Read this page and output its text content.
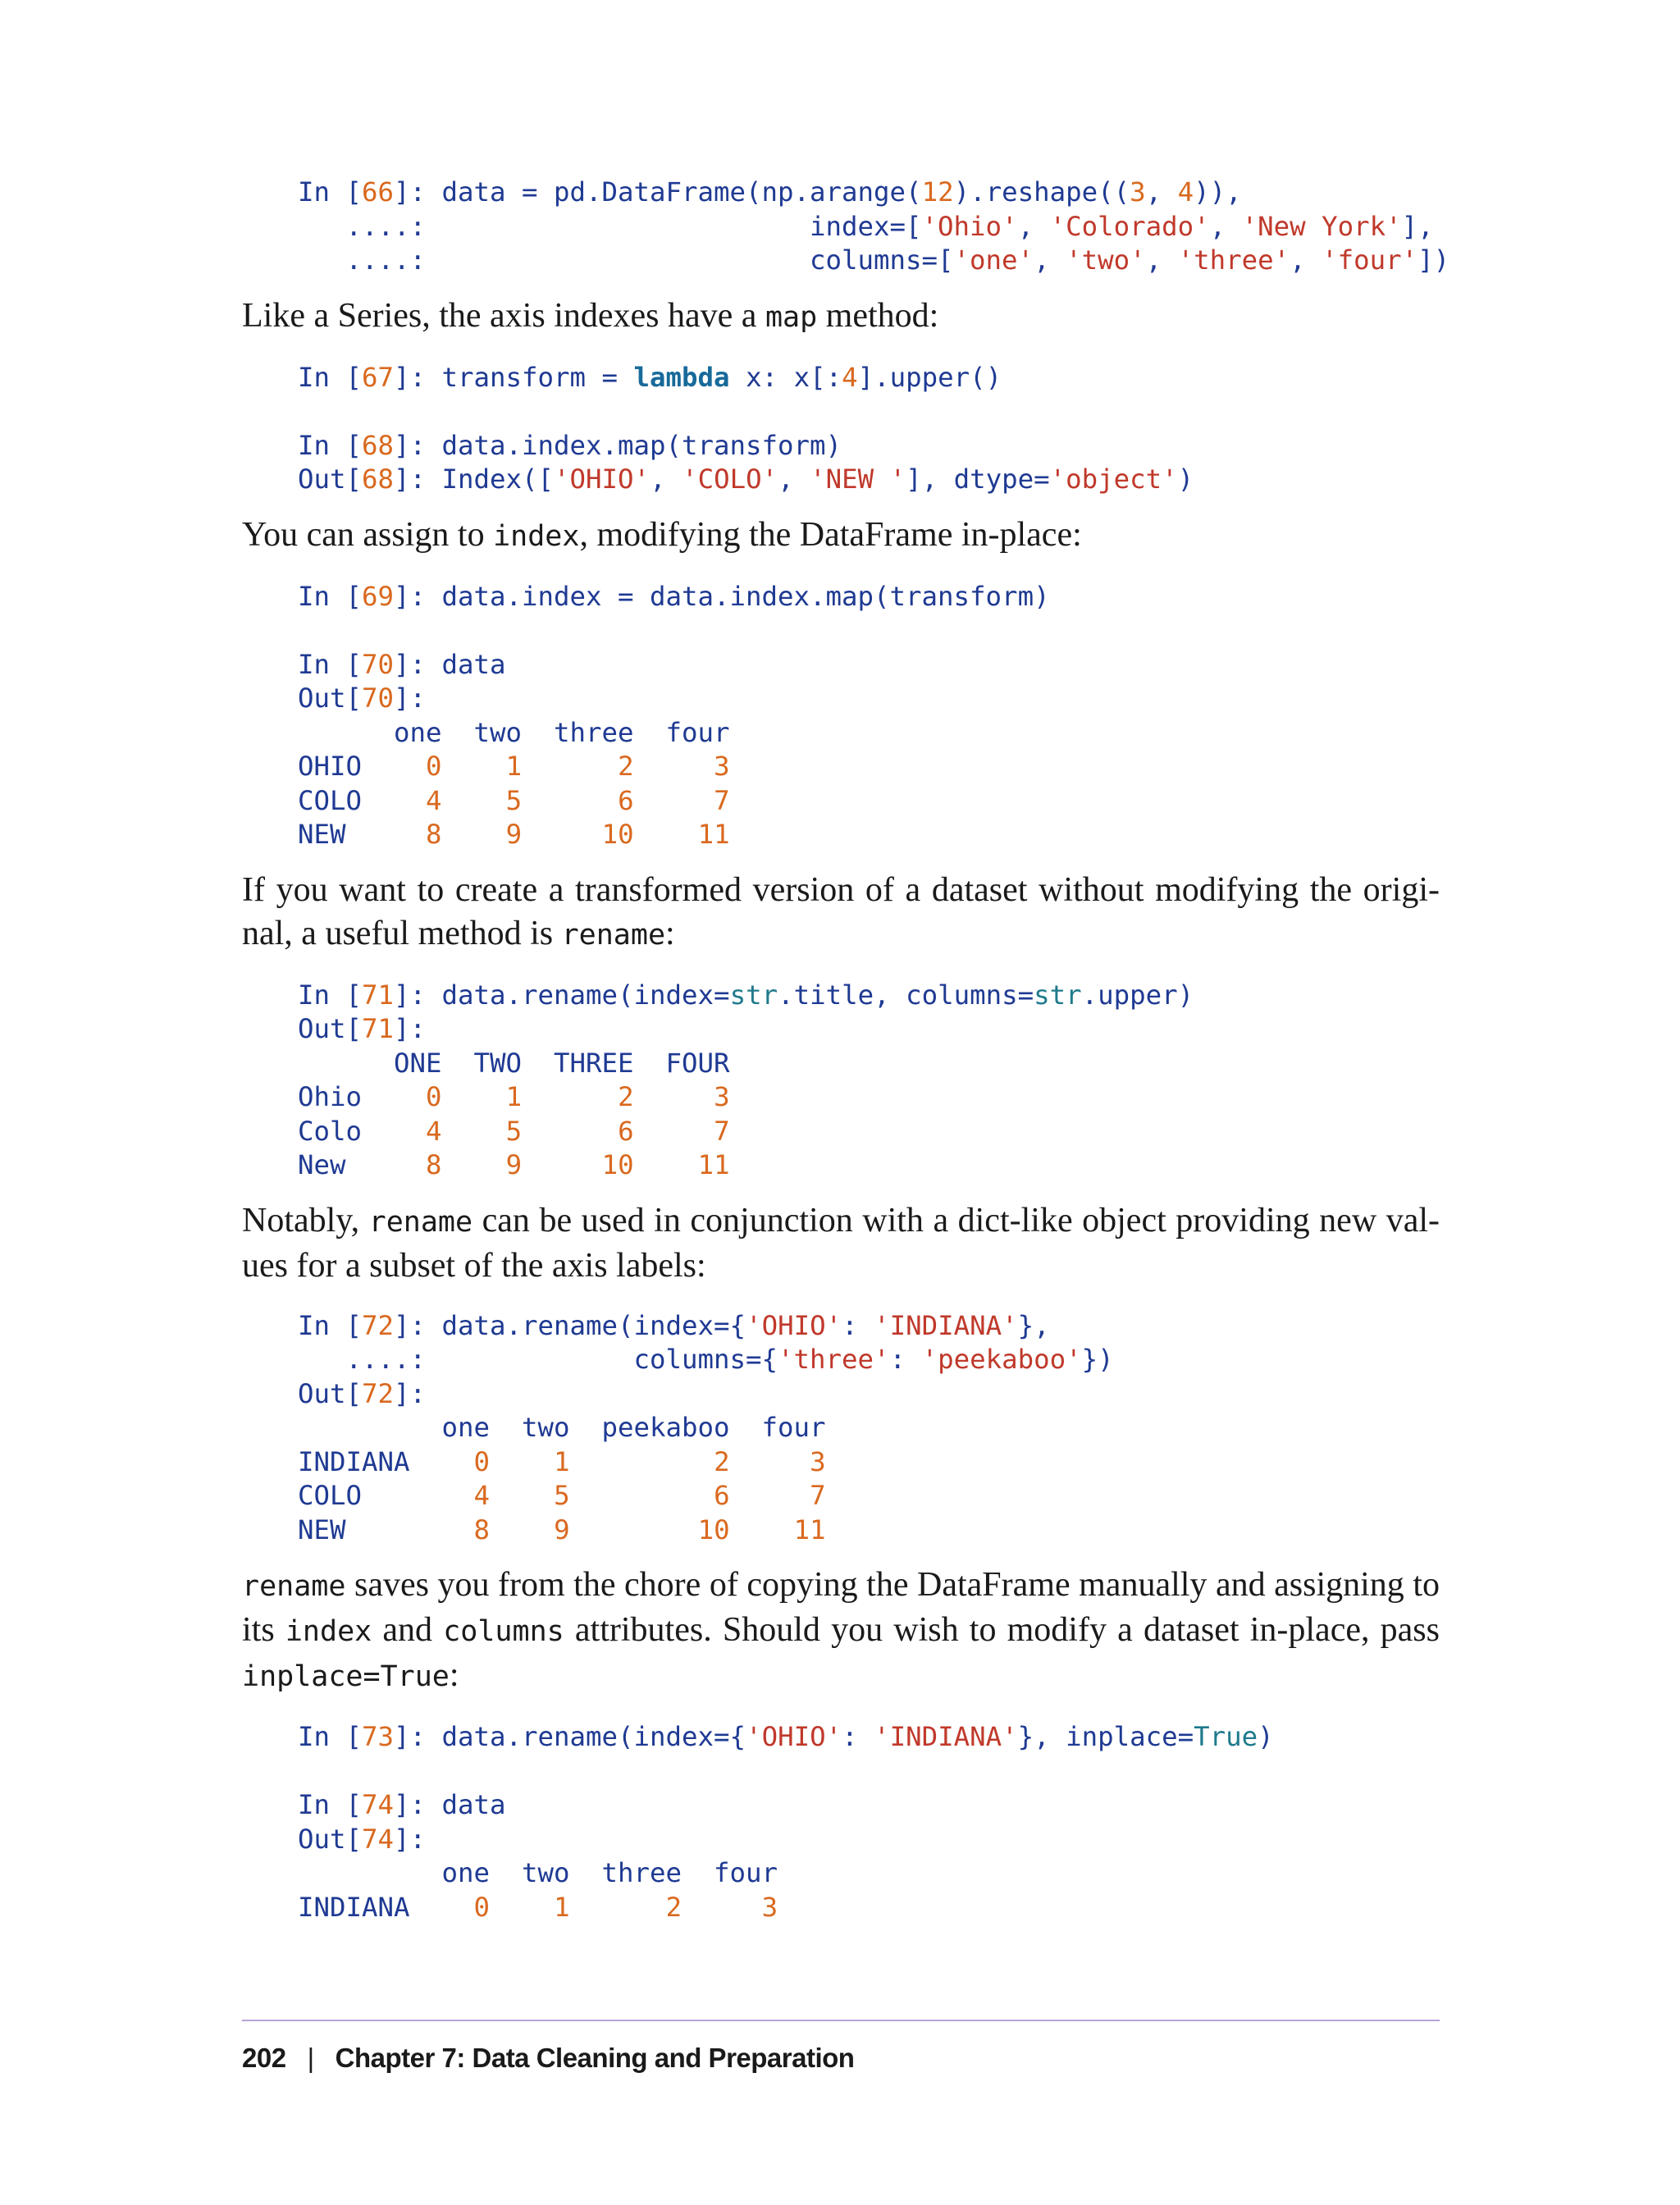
In [66]: data = pd.DataFrame(np.arange(12).reshape((3, 4)),
....:                        index=['Ohio', 'Colorado', 'New York'],
....:                        columns=['one', 'two', 'three', 'four'])

Like a Series, the axis indexes have a map method:

In [67]: transform = lambda x: x[:4].upper()

In [68]: data.index.map(transform)
Out[68]: Index(['OHIO', 'COLO', 'NEW '], dtype='object')

You can assign to index, modifying the DataFrame in-place:

In [69]: data.index = data.index.map(transform)

In [70]: data
Out[70]:
one  two  three  four
OHIO 0 1	2	3
COLO 4 5	6	7
NEW     8 9	10 11

If you want to create a transformed version of a dataset without modifying the origi-nal, a useful method is rename:

In [71]: data.rename(index=str.title, columns=str.upper)
Out[71]:
ONE  TWO  THREE  FOUR
Ohio 0 1	2	3
Colo 4 5	6	7
New     8 9	10 11

Notably, rename can be used in conjunction with a dict-like object providing new val-ues for a subset of the axis labels:

In [72]: data.rename(index={'OHIO': 'INDIANA'},
....:             columns={'three': 'peekaboo'})
Out[72]:
one  two  peekaboo  four
INDIANA 0 1	2	3
COLO       4 5	6	7
NEW        8 9	10 11

rename saves you from the chore of copying the DataFrame manually and assigning to its index and columns attributes. Should you wish to modify a dataset in-place, pass inplace=True:

In [73]: data.rename(index={'OHIO': 'INDIANA'}, inplace=True)

In [74]: data
Out[74]:
one  two  three  four
INDIANA 0 1	2	3
202 | Chapter 7: Data Cleaning and Preparation
